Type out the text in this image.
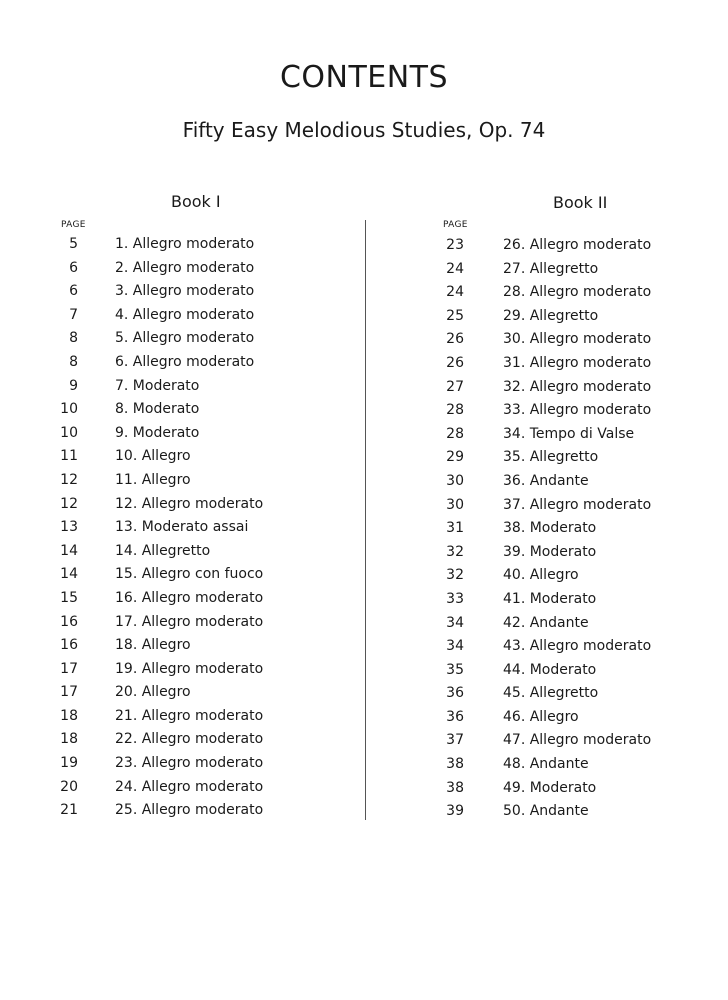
CONTENTS
Fifty Easy Melodious Studies, Op. 74
Book I
PAGE
5	1. Allegro moderato
6	2. Allegro moderato
6	3. Allegro moderato
7	4. Allegro moderato
8	5. Allegro moderato
8	6. Allegro moderato
9	7. Moderato
10	8. Moderato
10	9. Moderato
11	10. Allegro
12	11. Allegro
12	12. Allegro moderato
13	13. Moderato assai
14	14. Allegretto
14	15. Allegro con fuoco
15	16. Allegro moderato
16	17. Allegro moderato
16	18. Allegro
17	19. Allegro moderato
17	20. Allegro
18	21. Allegro moderato
18	22. Allegro moderato
19	23. Allegro moderato
20	24. Allegro moderato
21	25. Allegro moderato
Book II
PAGE
23	26. Allegro moderato
24	27. Allegretto
24	28. Allegro moderato
25	29. Allegretto
26	30. Allegro moderato
26	31. Allegro moderato
27	32. Allegro moderato
28	33. Allegro moderato
28	34. Tempo di Valse
29	35. Allegretto
30	36. Andante
30	37. Allegro moderato
31	38. Moderato
32	39. Moderato
32	40. Allegro
33	41. Moderato
34	42. Andante
34	43. Allegro moderato
35	44. Moderato
36	45. Allegretto
36	46. Allegro
37	47. Allegro moderato
38	48. Andante
38	49. Moderato
39	50. Andante
